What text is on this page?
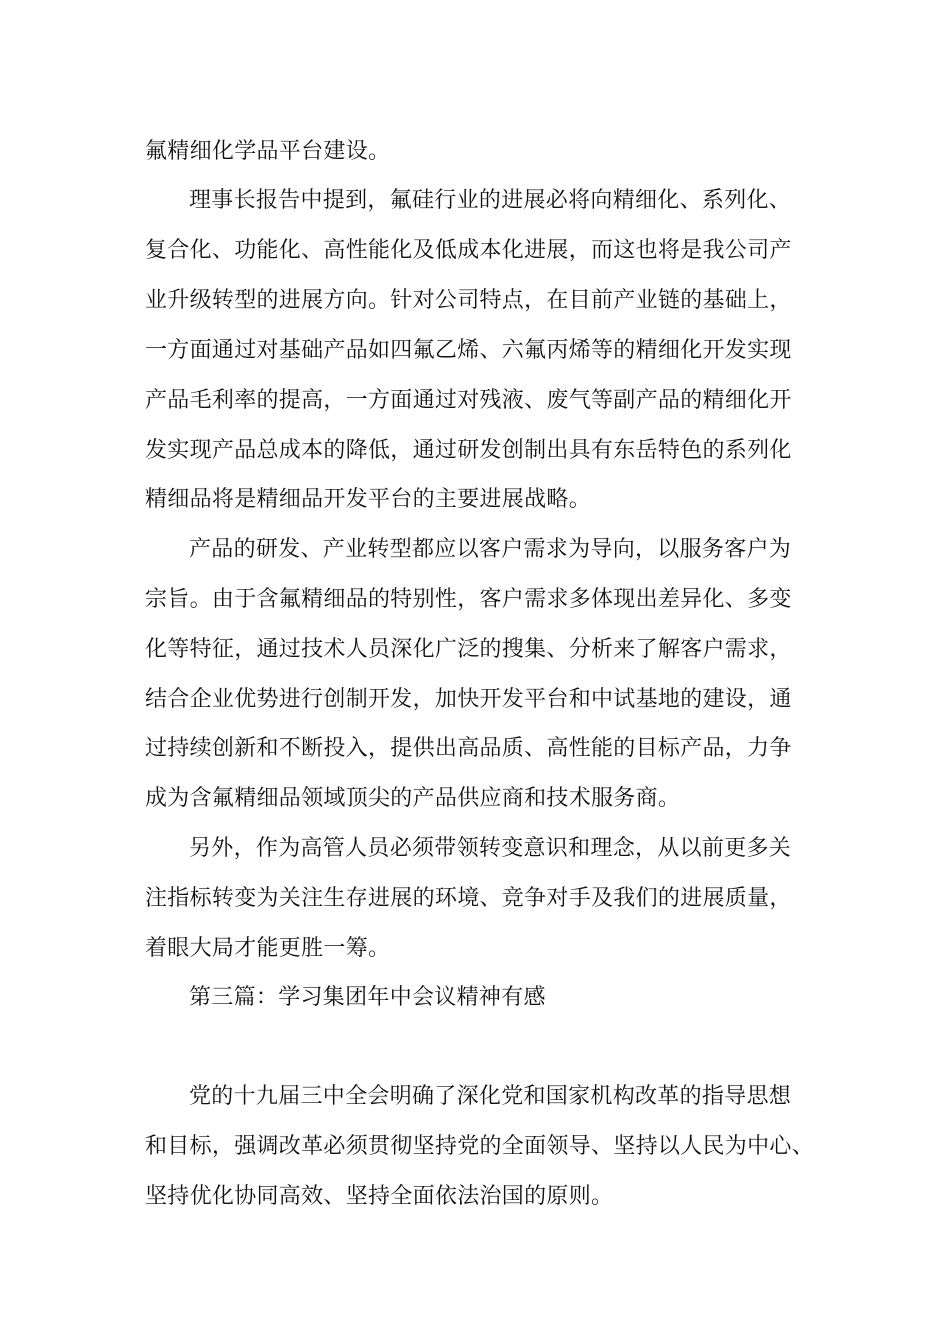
氟精细化学品平台建设。

理事长报告中提到，氟硅行业的进展必将向精细化、系列化、

复合化、功能化、高性能化及低成本化进展，而这也将是我公司产

业升级转型的进展方向。针对公司特点，在目前产业链的基础上，

一方面通过对基础产品如四氟乙烯、六氟丙烯等的精细化开发实现

产品毛利率的提高，一方面通过对残液、废气等副产品的精细化开

发实现产品总成本的降低，通过研发创制出具有东岳特色的系列化

精细品将是精细品开发平台的主要进展战略。

产品的研发、产业转型都应以客户需求为导向，以服务客户为

宗旨。由于含氟精细品的特别性，客户需求多体现出差异化、多变

化等特征，通过技术人员深化广泛的搜集、分析来了解客户需求，

结合企业优势进行创制开发，加快开发平台和中试基地的建设，通

过持续创新和不断投入，提供出高品质、高性能的目标产品，力争

成为含氟精细品领域顶尖的产品供应商和技术服务商。

另外，作为高管人员必须带领转变意识和理念，从以前更多关

注指标转变为关注生存进展的环境、竞争对手及我们的进展质量，

着眼大局才能更胜一筹。

第三篇：学习集团年中会议精神有感

党的十九届三中全会明确了深化党和国家机构改革的指导思想

和目标，强调改革必须贯彻坚持党的全面领导、坚持以人民为中心、

坚持优化协同高效、坚持全面依法治国的原则。
